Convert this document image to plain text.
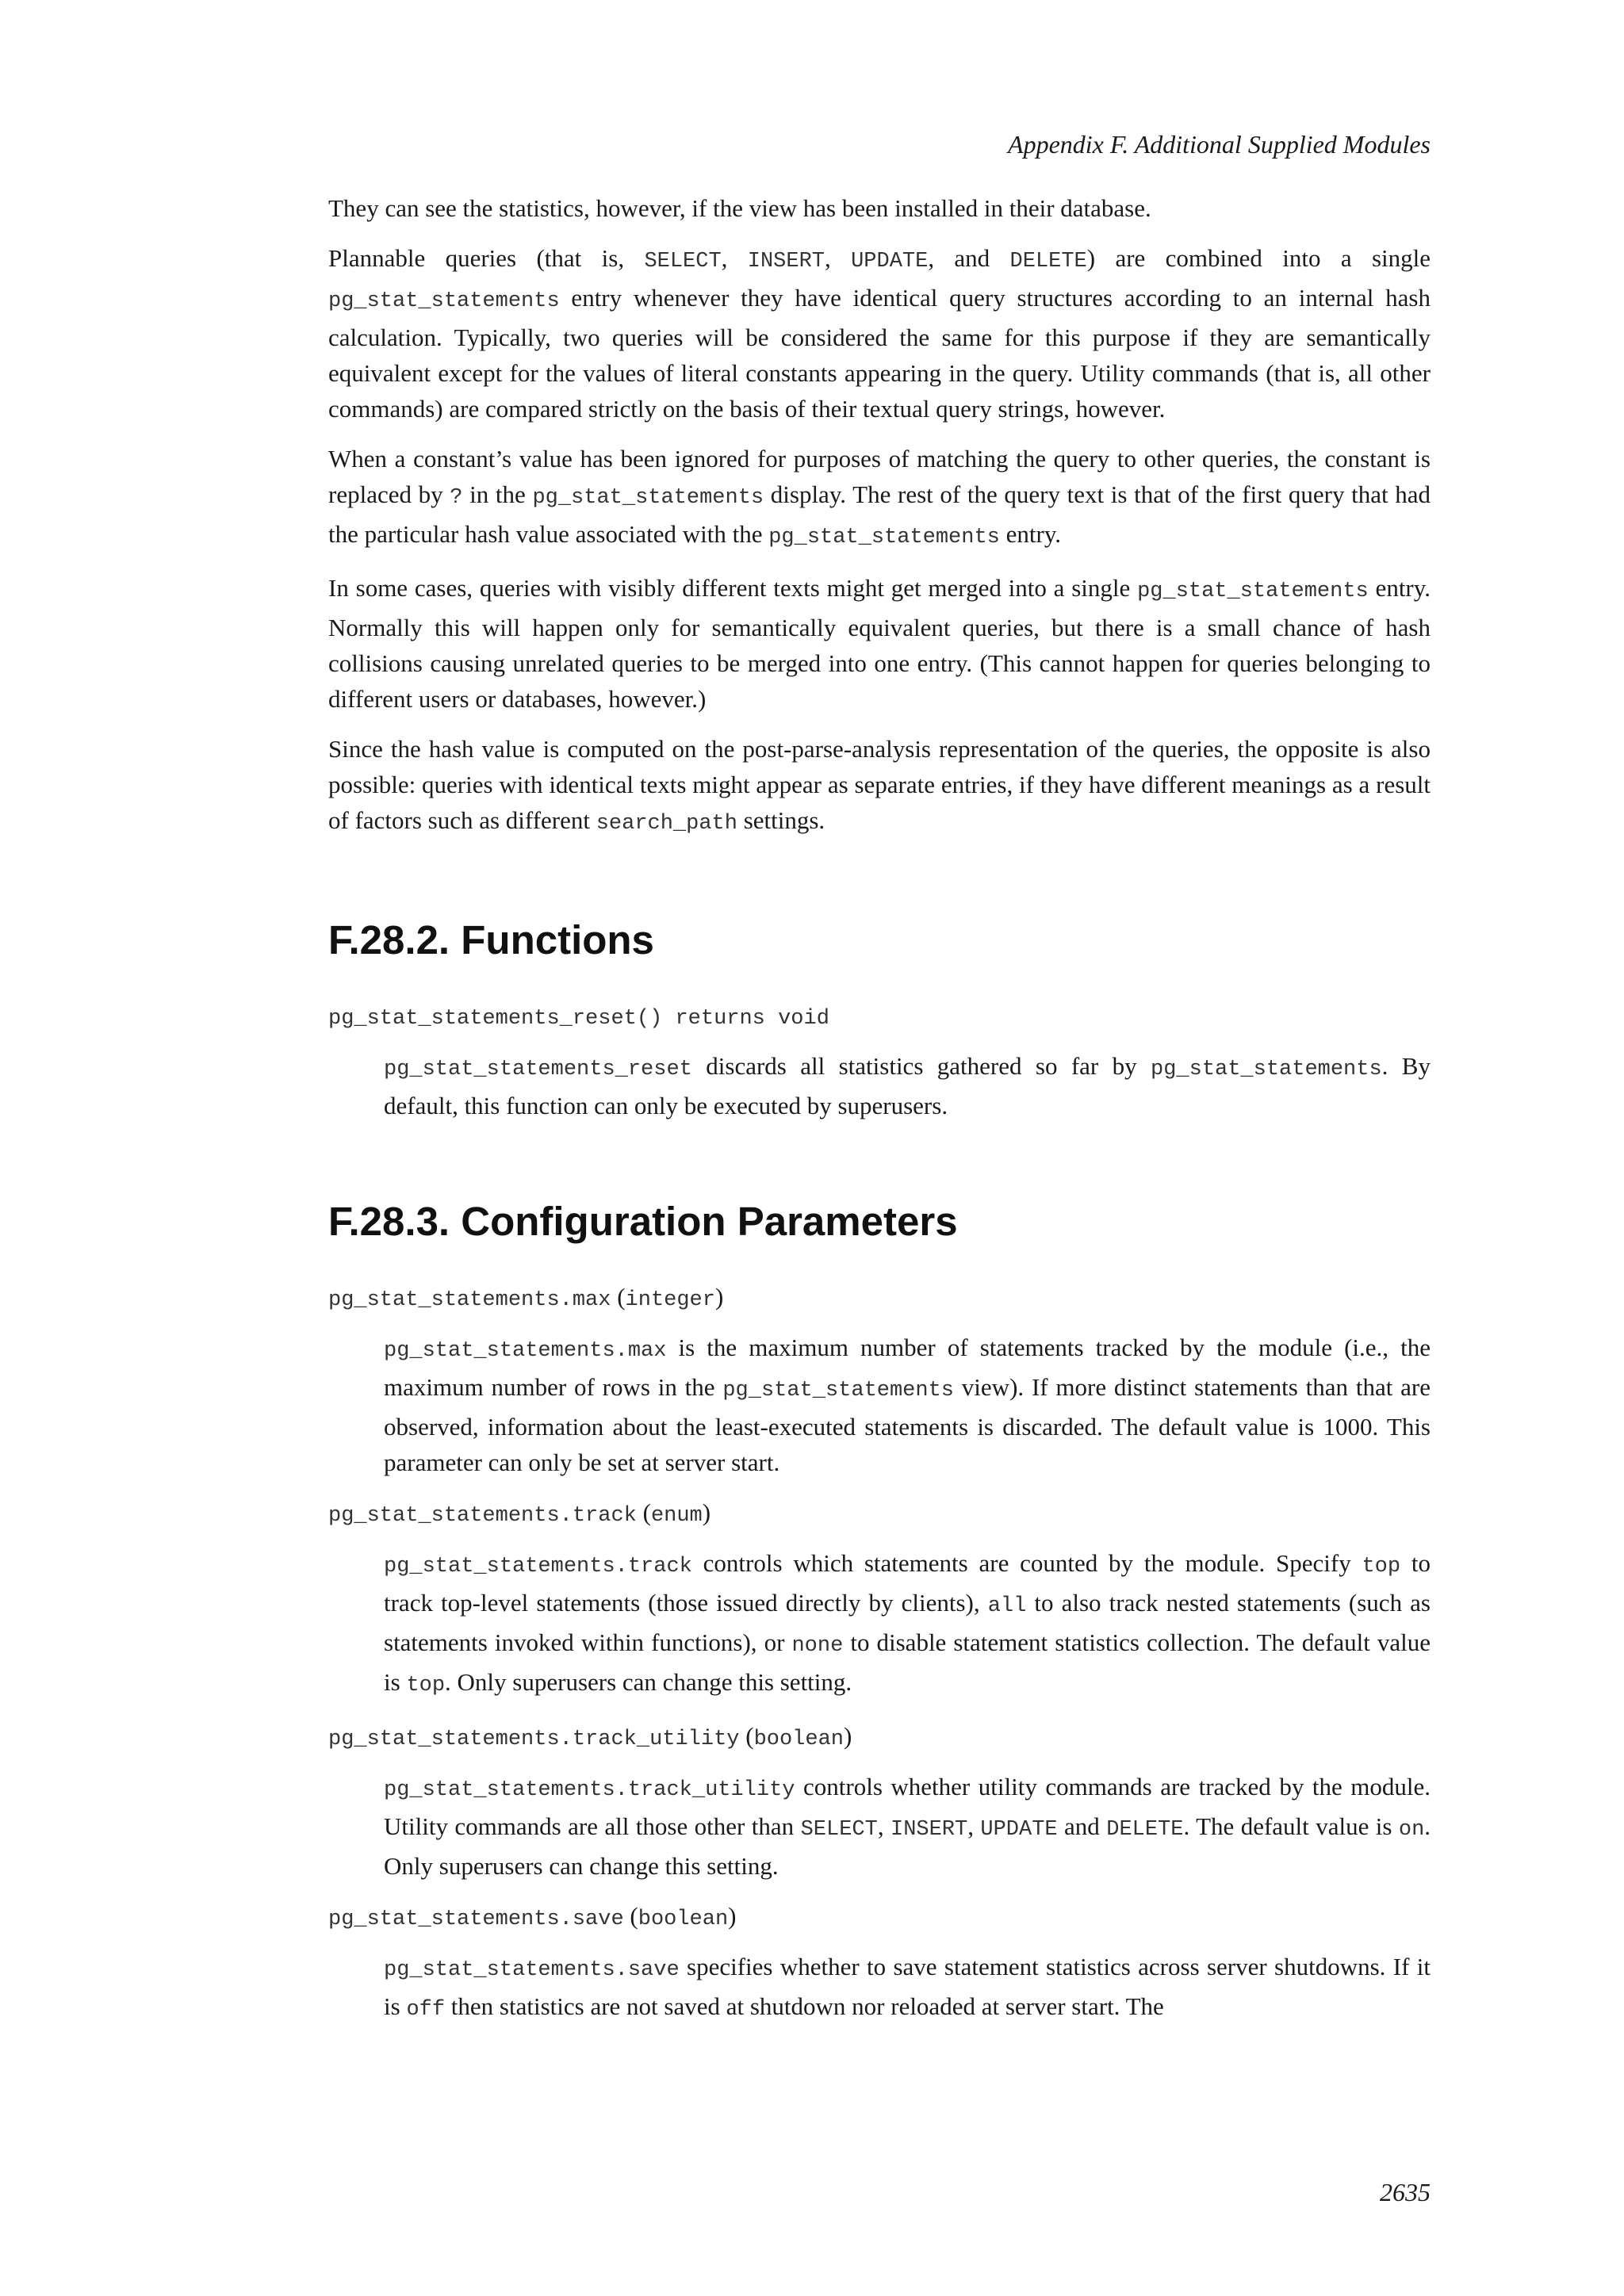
Appendix F. Additional Supplied Modules

They can see the statistics, however, if the view has been installed in their database.

Plannable queries (that is, SELECT, INSERT, UPDATE, and DELETE) are combined into a single pg_stat_statements entry whenever they have identical query structures according to an internal hash calculation. Typically, two queries will be considered the same for this purpose if they are semantically equivalent except for the values of literal constants appearing in the query. Utility commands (that is, all other commands) are compared strictly on the basis of their textual query strings, however.

When a constant’s value has been ignored for purposes of matching the query to other queries, the constant is replaced by ? in the pg_stat_statements display. The rest of the query text is that of the first query that had the particular hash value associated with the pg_stat_statements entry.

In some cases, queries with visibly different texts might get merged into a single pg_stat_statements entry. Normally this will happen only for semantically equivalent queries, but there is a small chance of hash collisions causing unrelated queries to be merged into one entry. (This cannot happen for queries belonging to different users or databases, however.)

Since the hash value is computed on the post-parse-analysis representation of the queries, the opposite is also possible: queries with identical texts might appear as separate entries, if they have different meanings as a result of factors such as different search_path settings.

F.28.2. Functions
pg_stat_statements_reset() returns void

pg_stat_statements_reset discards all statistics gathered so far by pg_stat_statements. By default, this function can only be executed by superusers.

F.28.3. Configuration Parameters
pg_stat_statements.max (integer)

pg_stat_statements.max is the maximum number of statements tracked by the module (i.e., the maximum number of rows in the pg_stat_statements view). If more distinct statements than that are observed, information about the least-executed statements is discarded. The default value is 1000. This parameter can only be set at server start.

pg_stat_statements.track (enum)

pg_stat_statements.track controls which statements are counted by the module. Specify top to track top-level statements (those issued directly by clients), all to also track nested statements (such as statements invoked within functions), or none to disable statement statistics collection. The default value is top. Only superusers can change this setting.

pg_stat_statements.track_utility (boolean)

pg_stat_statements.track_utility controls whether utility commands are tracked by the module. Utility commands are all those other than SELECT, INSERT, UPDATE and DELETE. The default value is on. Only superusers can change this setting.

pg_stat_statements.save (boolean)

pg_stat_statements.save specifies whether to save statement statistics across server shutdowns. If it is off then statistics are not saved at shutdown nor reloaded at server start. The

2635
